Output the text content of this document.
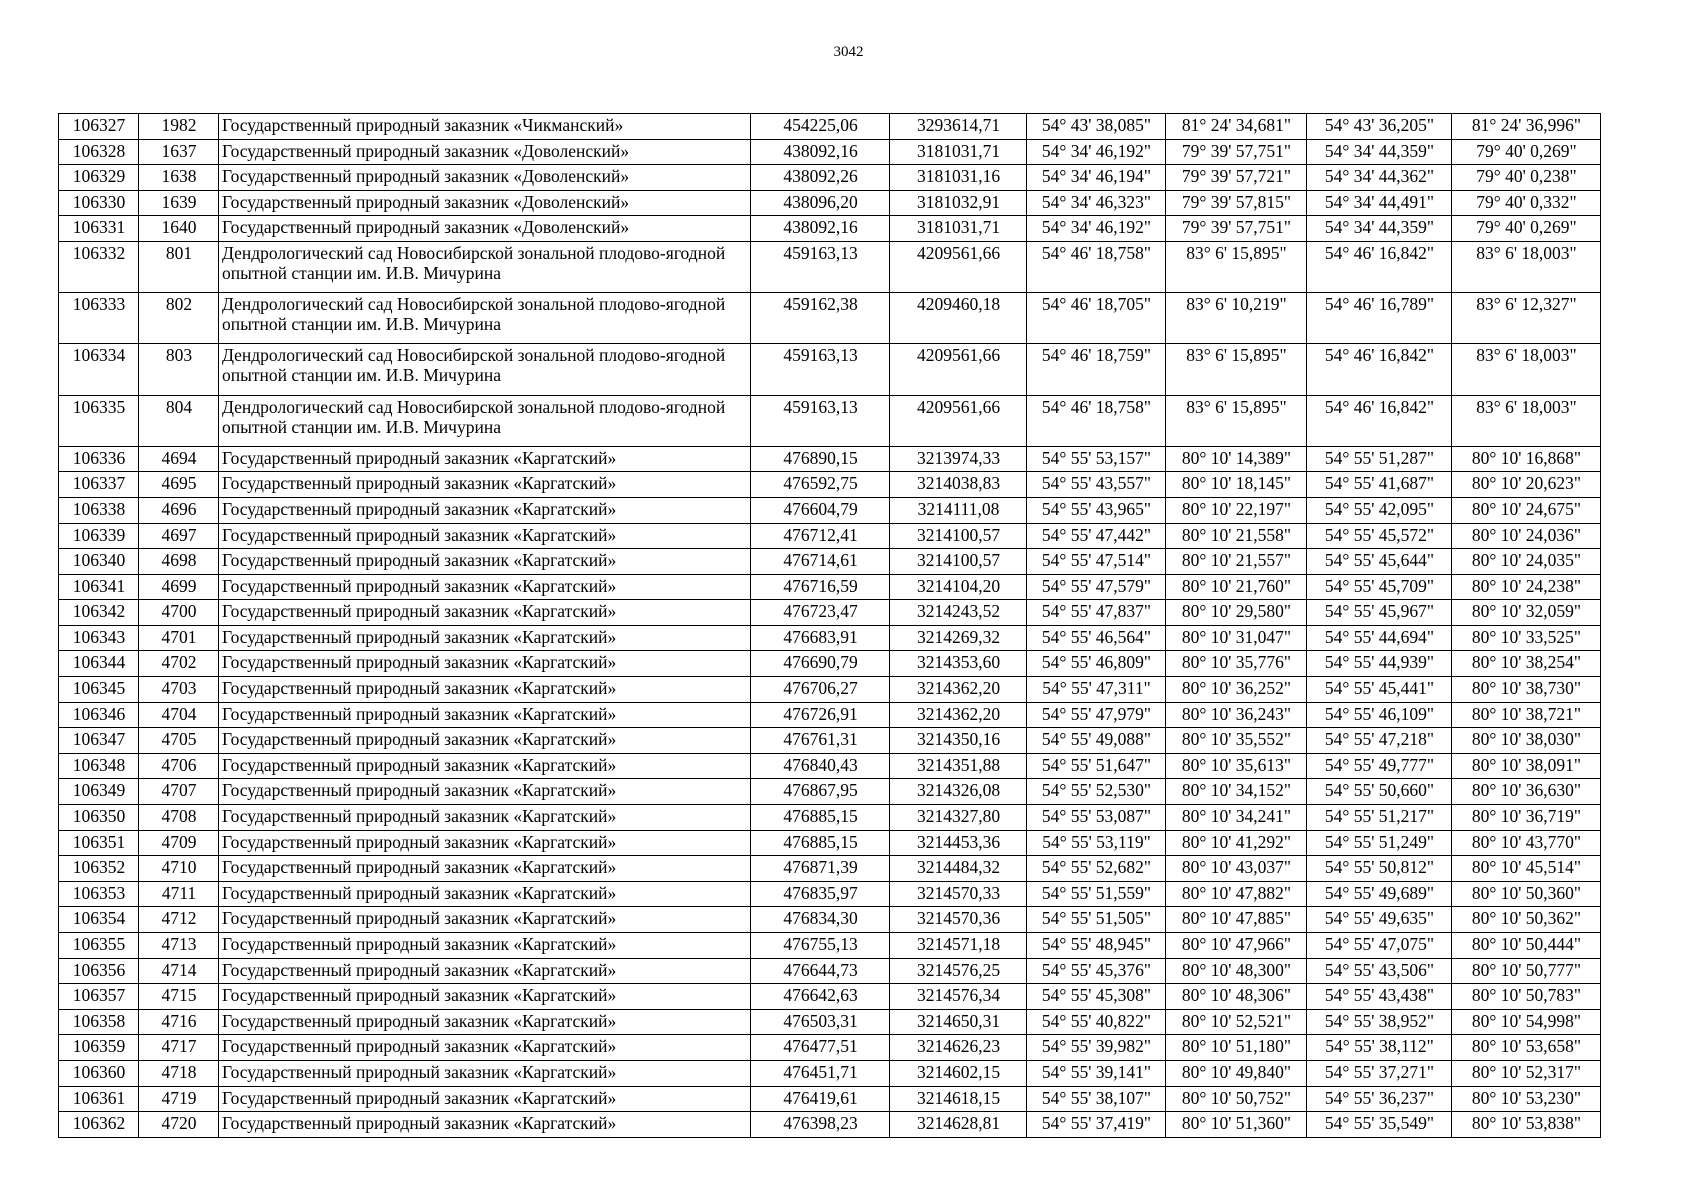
3042
106327	1982	Государственный природный заказник «Чикманский»	454225,06	3293614,71	54° 43' 38,085"	81° 24' 34,681"	54° 43' 36,205"	81° 24' 36,996"
106328	1637	Государственный природный заказник «Доволенский»	438092,16	3181031,71	54° 34' 46,192"	79° 39' 57,751"	54° 34' 44,359"	79° 40' 0,269"
106329	1638	Государственный природный заказник «Доволенский»	438092,26	3181031,16	54° 34' 46,194"	79° 39' 57,721"	54° 34' 44,362"	79° 40' 0,238"
106330	1639	Государственный природный заказник «Доволенский»	438096,20	3181032,91	54° 34' 46,323"	79° 39' 57,815"	54° 34' 44,491"	79° 40' 0,332"
106331	1640	Государственный природный заказник «Доволенский»	438092,16	3181031,71	54° 34' 46,192"	79° 39' 57,751"	54° 34' 44,359"	79° 40' 0,269"
106332	801	Дендрологический сад Новосибирской зональной плодово-ягодной опытной станции им. И.В. Мичурина	459163,13	4209561,66	54° 46' 18,758"	83° 6' 15,895"	54° 46' 16,842"	83° 6' 18,003"
106333	802	Дендрологический сад Новосибирской зональной плодово-ягодной опытной станции им. И.В. Мичурина	459162,38	4209460,18	54° 46' 18,705"	83° 6' 10,219"	54° 46' 16,789"	83° 6' 12,327"
106334	803	Дендрологический сад Новосибирской зональной плодово-ягодной опытной станции им. И.В. Мичурина	459163,13	4209561,66	54° 46' 18,759"	83° 6' 15,895"	54° 46' 16,842"	83° 6' 18,003"
106335	804	Дендрологический сад Новосибирской зональной плодово-ягодной опытной станции им. И.В. Мичурина	459163,13	4209561,66	54° 46' 18,758"	83° 6' 15,895"	54° 46' 16,842"	83° 6' 18,003"
106336	4694	Государственный природный заказник «Каргатский»	476890,15	3213974,33	54° 55' 53,157"	80° 10' 14,389"	54° 55' 51,287"	80° 10' 16,868"
106337	4695	Государственный природный заказник «Каргатский»	476592,75	3214038,83	54° 55' 43,557"	80° 10' 18,145"	54° 55' 41,687"	80° 10' 20,623"
106338	4696	Государственный природный заказник «Каргатский»	476604,79	3214111,08	54° 55' 43,965"	80° 10' 22,197"	54° 55' 42,095"	80° 10' 24,675"
106339	4697	Государственный природный заказник «Каргатский»	476712,41	3214100,57	54° 55' 47,442"	80° 10' 21,558"	54° 55' 45,572"	80° 10' 24,036"
106340	4698	Государственный природный заказник «Каргатский»	476714,61	3214100,57	54° 55' 47,514"	80° 10' 21,557"	54° 55' 45,644"	80° 10' 24,035"
106341	4699	Государственный природный заказник «Каргатский»	476716,59	3214104,20	54° 55' 47,579"	80° 10' 21,760"	54° 55' 45,709"	80° 10' 24,238"
106342	4700	Государственный природный заказник «Каргатский»	476723,47	3214243,52	54° 55' 47,837"	80° 10' 29,580"	54° 55' 45,967"	80° 10' 32,059"
106343	4701	Государственный природный заказник «Каргатский»	476683,91	3214269,32	54° 55' 46,564"	80° 10' 31,047"	54° 55' 44,694"	80° 10' 33,525"
106344	4702	Государственный природный заказник «Каргатский»	476690,79	3214353,60	54° 55' 46,809"	80° 10' 35,776"	54° 55' 44,939"	80° 10' 38,254"
106345	4703	Государственный природный заказник «Каргатский»	476706,27	3214362,20	54° 55' 47,311"	80° 10' 36,252"	54° 55' 45,441"	80° 10' 38,730"
106346	4704	Государственный природный заказник «Каргатский»	476726,91	3214362,20	54° 55' 47,979"	80° 10' 36,243"	54° 55' 46,109"	80° 10' 38,721"
106347	4705	Государственный природный заказник «Каргатский»	476761,31	3214350,16	54° 55' 49,088"	80° 10' 35,552"	54° 55' 47,218"	80° 10' 38,030"
106348	4706	Государственный природный заказник «Каргатский»	476840,43	3214351,88	54° 55' 51,647"	80° 10' 35,613"	54° 55' 49,777"	80° 10' 38,091"
106349	4707	Государственный природный заказник «Каргатский»	476867,95	3214326,08	54° 55' 52,530"	80° 10' 34,152"	54° 55' 50,660"	80° 10' 36,630"
106350	4708	Государственный природный заказник «Каргатский»	476885,15	3214327,80	54° 55' 53,087"	80° 10' 34,241"	54° 55' 51,217"	80° 10' 36,719"
106351	4709	Государственный природный заказник «Каргатский»	476885,15	3214453,36	54° 55' 53,119"	80° 10' 41,292"	54° 55' 51,249"	80° 10' 43,770"
106352	4710	Государственный природный заказник «Каргатский»	476871,39	3214484,32	54° 55' 52,682"	80° 10' 43,037"	54° 55' 50,812"	80° 10' 45,514"
106353	4711	Государственный природный заказник «Каргатский»	476835,97	3214570,33	54° 55' 51,559"	80° 10' 47,882"	54° 55' 49,689"	80° 10' 50,360"
106354	4712	Государственный природный заказник «Каргатский»	476834,30	3214570,36	54° 55' 51,505"	80° 10' 47,885"	54° 55' 49,635"	80° 10' 50,362"
106355	4713	Государственный природный заказник «Каргатский»	476755,13	3214571,18	54° 55' 48,945"	80° 10' 47,966"	54° 55' 47,075"	80° 10' 50,444"
106356	4714	Государственный природный заказник «Каргатский»	476644,73	3214576,25	54° 55' 45,376"	80° 10' 48,300"	54° 55' 43,506"	80° 10' 50,777"
106357	4715	Государственный природный заказник «Каргатский»	476642,63	3214576,34	54° 55' 45,308"	80° 10' 48,306"	54° 55' 43,438"	80° 10' 50,783"
106358	4716	Государственный природный заказник «Каргатский»	476503,31	3214650,31	54° 55' 40,822"	80° 10' 52,521"	54° 55' 38,952"	80° 10' 54,998"
106359	4717	Государственный природный заказник «Каргатский»	476477,51	3214626,23	54° 55' 39,982"	80° 10' 51,180"	54° 55' 38,112"	80° 10' 53,658"
106360	4718	Государственный природный заказник «Каргатский»	476451,71	3214602,15	54° 55' 39,141"	80° 10' 49,840"	54° 55' 37,271"	80° 10' 52,317"
106361	4719	Государственный природный заказник «Каргатский»	476419,61	3214618,15	54° 55' 38,107"	80° 10' 50,752"	54° 55' 36,237"	80° 10' 53,230"
106362	4720	Государственный природный заказник «Каргатский»	476398,23	3214628,81	54° 55' 37,419"	80° 10' 51,360"	54° 55' 35,549"	80° 10' 53,838"
